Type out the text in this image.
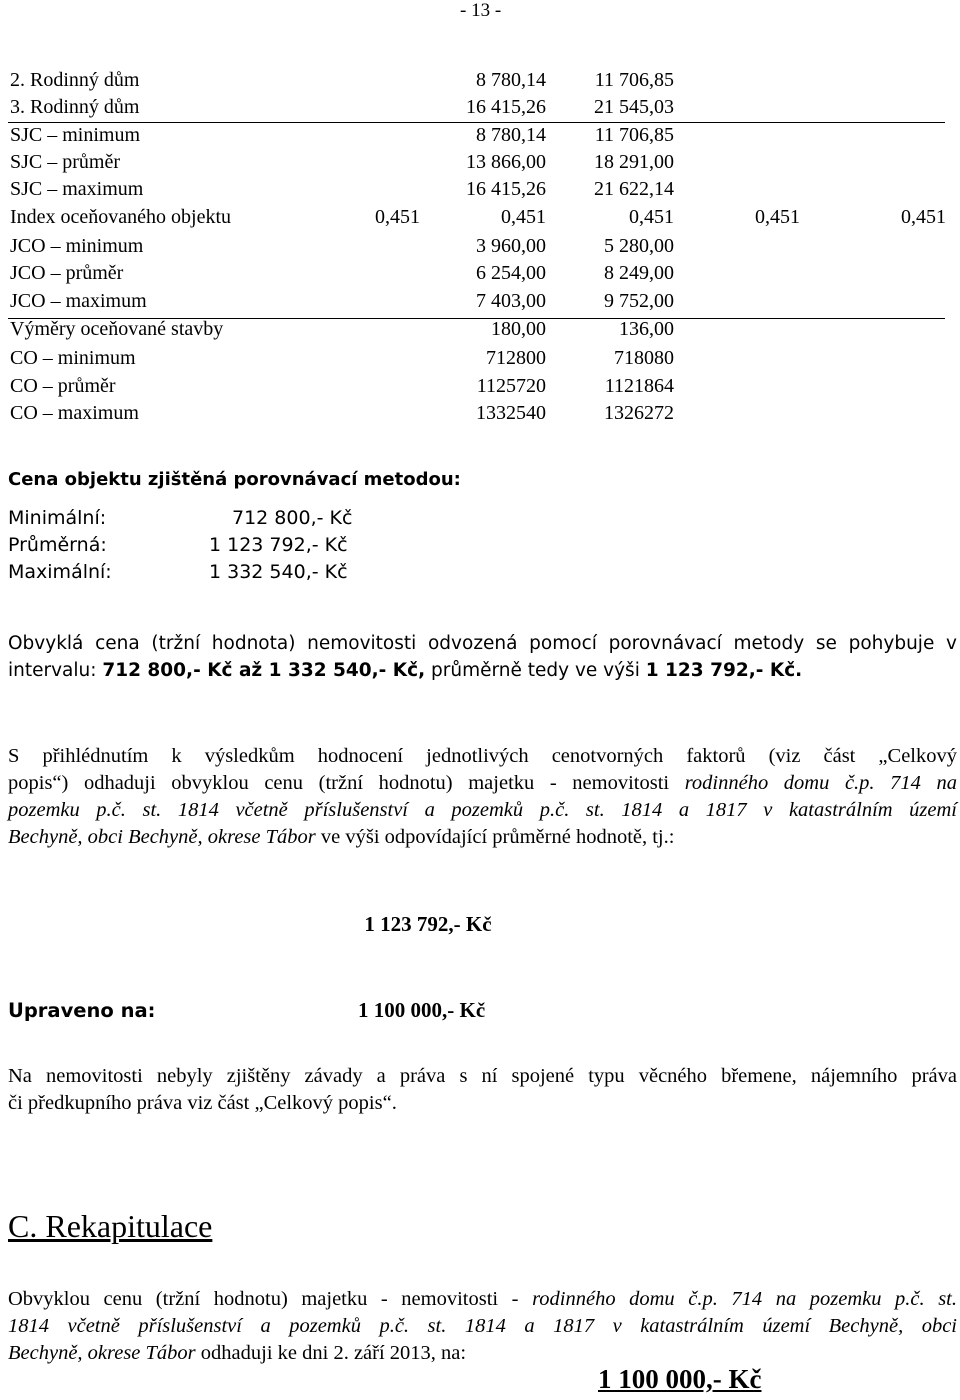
- 13 -
2. Rodinný dům	8 780,14 11 706,85
3. Rodinný dům	16 415,26 21 545,03
SJC – minimum	8 780,14 11 706,85
SJC – průměr	13 866,00 18 291,00
SJC – maximum	16 415,26 21 622,14
Index oceňovaného objektu	0,451	0,451	0,451	0,451	0,451
JCO – minimum	3 960,00	5 280,00
JCO – průměr	6 254,00	8 249,00
JCO – maximum	7 403,00	9 752,00
Výměry oceňované stavby	180,00	136,00
CO – minimum	712800	718080
CO – průměr	1125720	1121864
CO – maximum	1332540	1326272
Cena objektu zjištěná porovnávací metodou:
Minimální:	712 800,- Kč
Průměrná:	1 123 792,- Kč
Maximální:	1 332 540,- Kč
Obvyklá cena (tržní hodnota) nemovitosti odvozená pomocí porovnávací metody se pohybuje v
intervalu: 712 800,- Kč až 1 332 540,- Kč, průměrně tedy ve výši 1 123 792,- Kč.
S přihlédnutím k výsledkům hodnocení jednotlivých cenotvorných faktorů (viz část „Celkový
popis“) odhaduji obvyklou cenu (tržní hodnotu) majetku - nemovitosti rodinného domu č.p. 714 na
pozemku p.č. st. 1814 včetně příslušenství a pozemků p.č. st. 1814 a 1817 v katastrálním území
Bechyně, obci Bechyně, okrese Tábor ve výši odpovídající průměrné hodnotě, tj.:
1 123 792,- Kč
Upraveno na:	1 100 000,- Kč
Na nemovitosti nebyly zjištěny závady a práva s ní spojené typu věcného břemene, nájemního práva
či předkupního práva viz část „Celkový popis“.
C. Rekapitulace
Obvyklou cenu (tržní hodnotu) majetku - nemovitosti - rodinného domu č.p. 714 na pozemku p.č. st.
1814 včetně příslušenství a pozemků p.č. st. 1814 a 1817 v katastrálním území Bechyně, obci
Bechyně, okrese Tábor odhaduji ke dni 2. září 2013, na:
1 100 000,- Kč
